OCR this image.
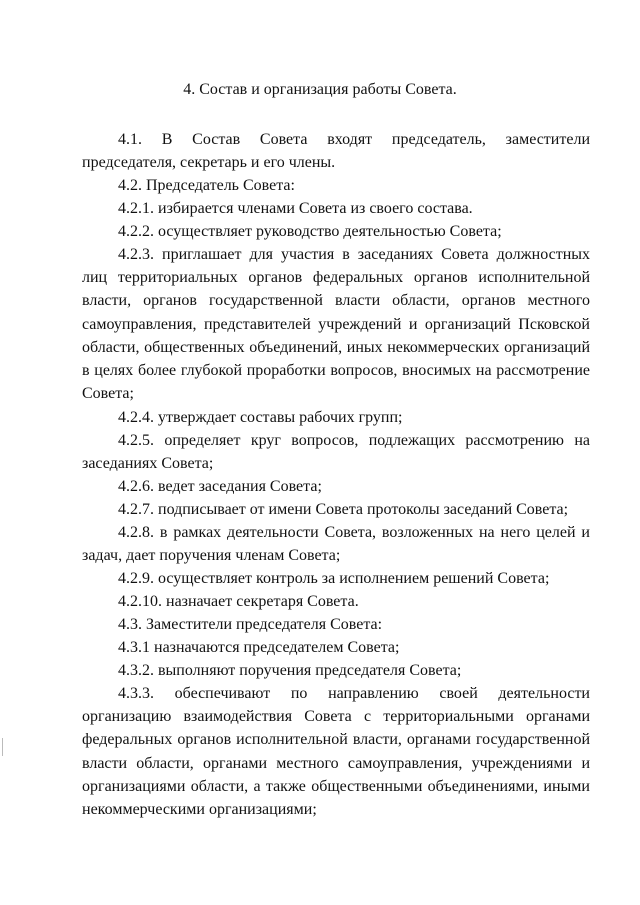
4. Состав и организация работы Совета.
4.1. В Состав Совета входят председатель, заместители
председателя, секретарь и его члены.
4.2. Председатель Совета:
4.2.1. избирается членами Совета из своего состава.
4.2.2. осуществляет руководство деятельностью Совета;
4.2.3. приглашает для участия в заседаниях Совета должностных
лиц территориальных органов федеральных органов исполнительной
власти, органов государственной власти области, органов местного
самоуправления, представителей учреждений и организаций Псковской
области, общественных объединений, иных некоммерческих организаций
в целях более глубокой проработки вопросов, вносимых на рассмотрение
Совета;
4.2.4. утверждает составы рабочих групп;
4.2.5. определяет круг вопросов, подлежащих рассмотрению на
заседаниях Совета;
4.2.6. ведет заседания Совета;
4.2.7. подписывает от имени Совета протоколы заседаний Совета;
4.2.8. в рамках деятельности Совета, возложенных на него целей и
задач, дает поручения членам Совета;
4.2.9. осуществляет контроль за исполнением решений Совета;
4.2.10. назначает секретаря Совета.
4.3. Заместители председателя Совета:
4.3.1 назначаются председателем Совета;
4.3.2. выполняют поручения председателя Совета;
4.3.3. обеспечивают по направлению своей деятельности
организацию взаимодействия Совета с территориальными органами
федеральных органов исполнительной власти, органами государственной
власти области, органами местного самоуправления, учреждениями и
организациями области, а также общественными объединениями, иными
некоммерческими организациями;
